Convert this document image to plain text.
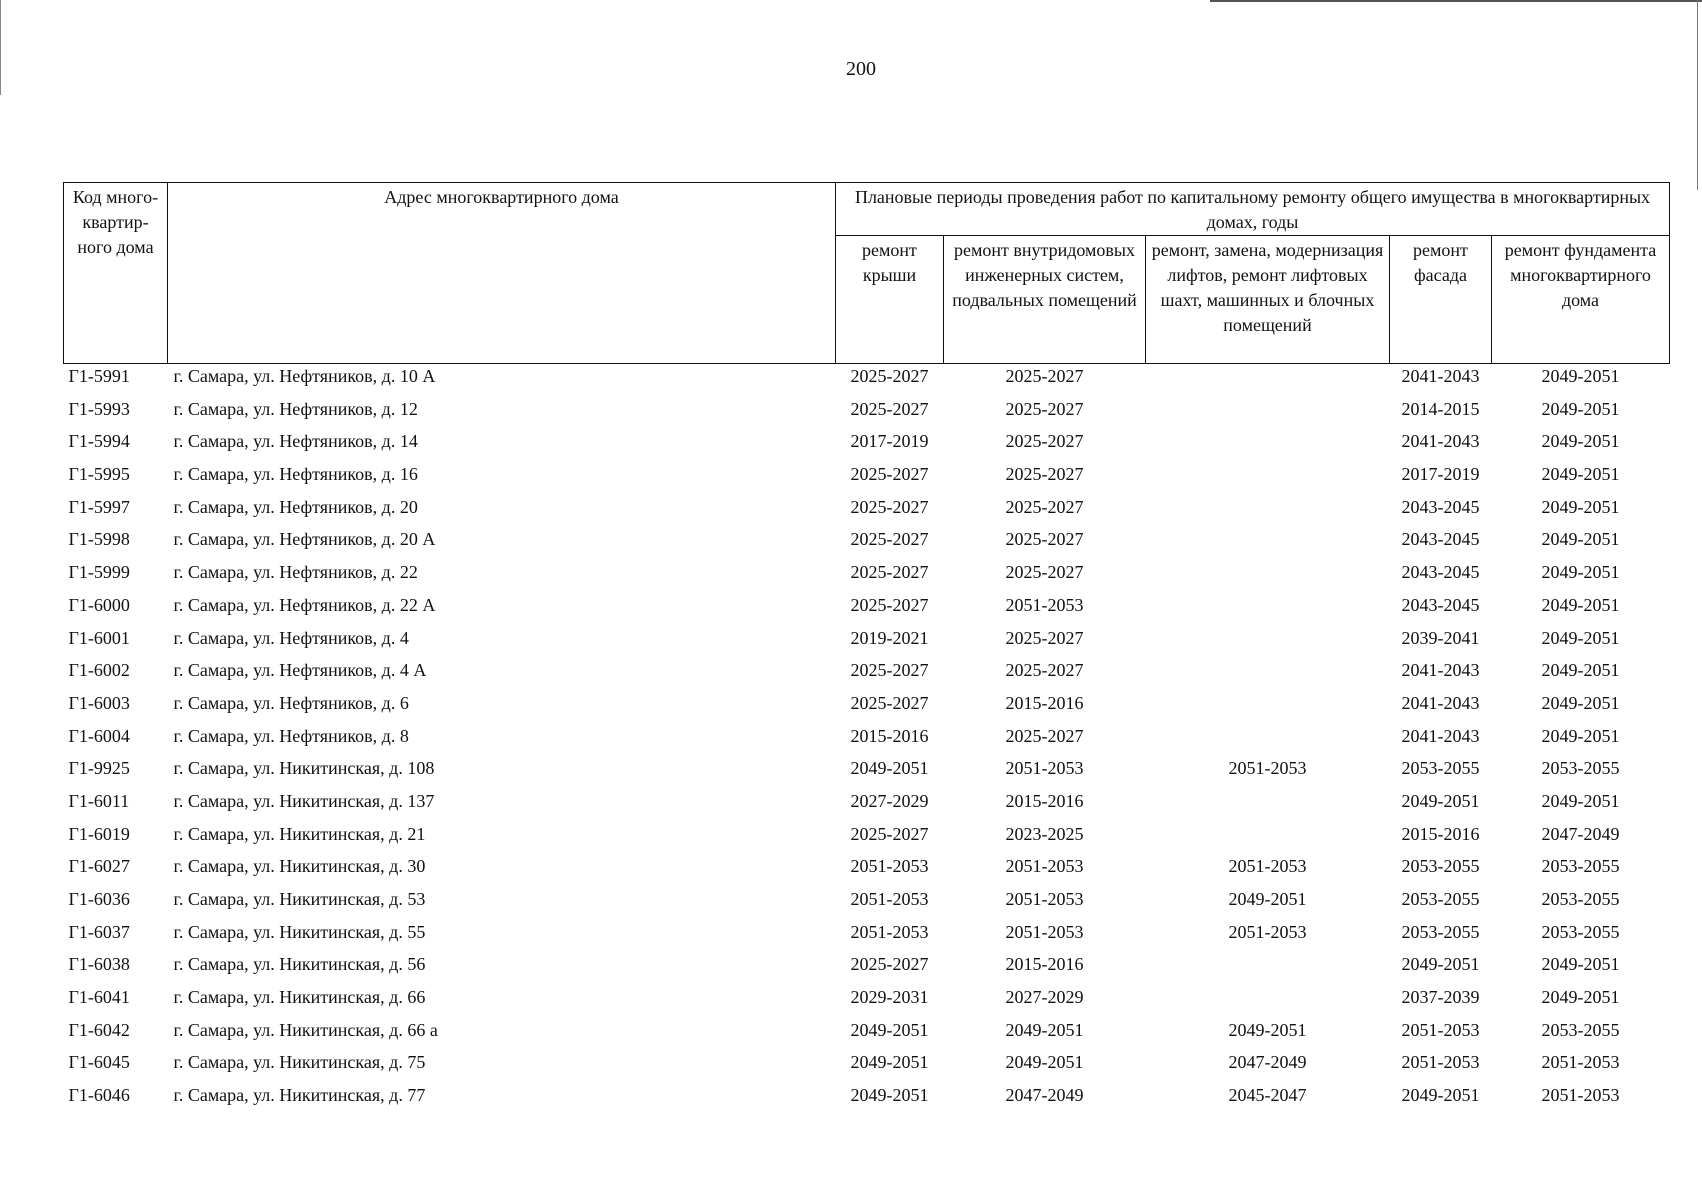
200
Код много-
квартир-
ного дома	Адрес многоквартирного дома	Плановые периоды проведения работ по капитальному ремонту общего имущества в многоквартирных домах, годы				
		ремонт крыши	ремонт внутридомовых инженерных систем, подвальных помещений	ремонт, замена, модернизация лифтов, ремонт лифтовых шахт, машинных и блочных помещений	ремонт фасада	ремонт фундамента многоквартирного дома
Г1-5991	г. Самара, ул. Нефтяников, д. 10 А	2025-2027	2025-2027		2041-2043	2049-2051
Г1-5993	г. Самара, ул. Нефтяников, д. 12	2025-2027	2025-2027		2014-2015	2049-2051
Г1-5994	г. Самара, ул. Нефтяников, д. 14	2017-2019	2025-2027		2041-2043	2049-2051
Г1-5995	г. Самара, ул. Нефтяников, д. 16	2025-2027	2025-2027		2017-2019	2049-2051
Г1-5997	г. Самара, ул. Нефтяников, д. 20	2025-2027	2025-2027		2043-2045	2049-2051
Г1-5998	г. Самара, ул. Нефтяников, д. 20 А	2025-2027	2025-2027		2043-2045	2049-2051
Г1-5999	г. Самара, ул. Нефтяников, д. 22	2025-2027	2025-2027		2043-2045	2049-2051
Г1-6000	г. Самара, ул. Нефтяников, д. 22 А	2025-2027	2051-2053		2043-2045	2049-2051
Г1-6001	г. Самара, ул. Нефтяников, д. 4	2019-2021	2025-2027		2039-2041	2049-2051
Г1-6002	г. Самара, ул. Нефтяников, д. 4 А	2025-2027	2025-2027		2041-2043	2049-2051
Г1-6003	г. Самара, ул. Нефтяников, д. 6	2025-2027	2015-2016		2041-2043	2049-2051
Г1-6004	г. Самара, ул. Нефтяников, д. 8	2015-2016	2025-2027		2041-2043	2049-2051
Г1-9925	г. Самара, ул. Никитинская, д. 108	2049-2051	2051-2053	2051-2053	2053-2055	2053-2055
Г1-6011	г. Самара, ул. Никитинская, д. 137	2027-2029	2015-2016		2049-2051	2049-2051
Г1-6019	г. Самара, ул. Никитинская, д. 21	2025-2027	2023-2025		2015-2016	2047-2049
Г1-6027	г. Самара, ул. Никитинская, д. 30	2051-2053	2051-2053	2051-2053	2053-2055	2053-2055
Г1-6036	г. Самара, ул. Никитинская, д. 53	2051-2053	2051-2053	2049-2051	2053-2055	2053-2055
Г1-6037	г. Самара, ул. Никитинская, д. 55	2051-2053	2051-2053	2051-2053	2053-2055	2053-2055
Г1-6038	г. Самара, ул. Никитинская, д. 56	2025-2027	2015-2016		2049-2051	2049-2051
Г1-6041	г. Самара, ул. Никитинская, д. 66	2029-2031	2027-2029		2037-2039	2049-2051
Г1-6042	г. Самара, ул. Никитинская, д. 66 а	2049-2051	2049-2051	2049-2051	2051-2053	2053-2055
Г1-6045	г. Самара, ул. Никитинская, д. 75	2049-2051	2049-2051	2047-2049	2051-2053	2051-2053
Г1-6046	г. Самара, ул. Никитинская, д. 77	2049-2051	2047-2049	2045-2047	2049-2051	2051-2053
